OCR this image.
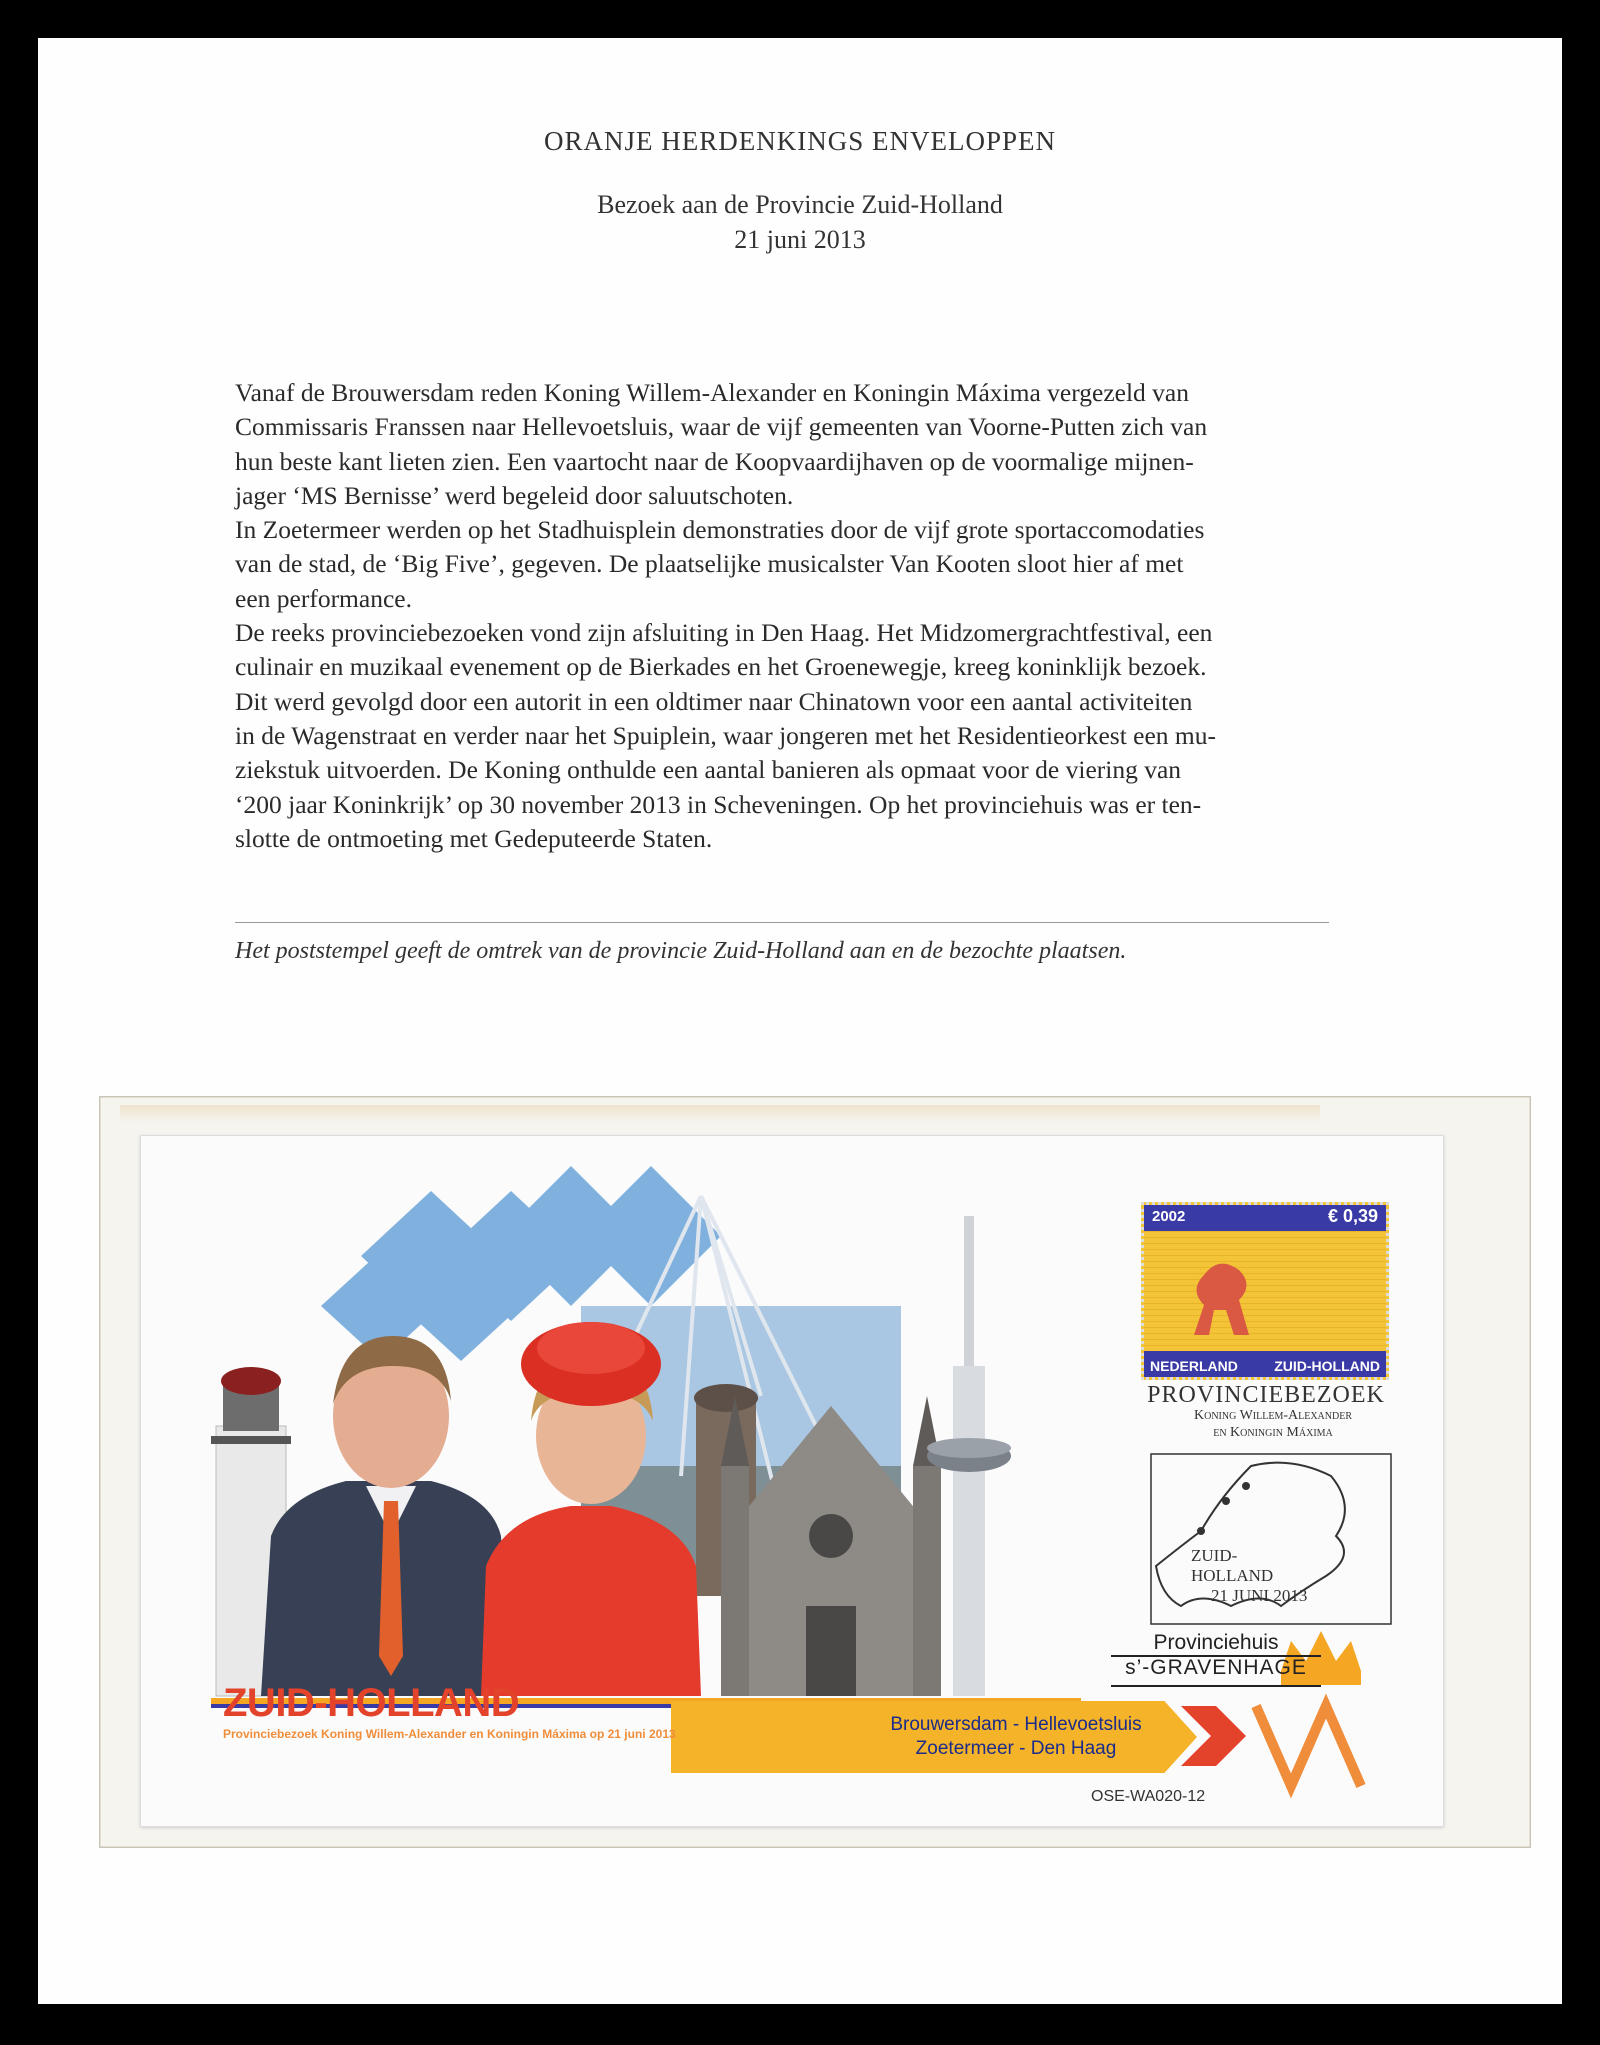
ORANJE HERDENKINGS ENVELOPPEN
Bezoek aan de Provincie Zuid-Holland
21 juni 2013

Vanaf de Brouwersdam reden Koning Willem-Alexander en Koningin Máxima vergezeld van

Commissaris Franssen naar Hellevoetsluis, waar de vijf gemeenten van Voorne-Putten zich van

hun beste kant lieten zien. Een vaartocht naar de Koopvaardijhaven op de voormalige mijnen-

jager ‘MS Bernisse’ werd begeleid door saluutschoten.

In Zoetermeer werden op het Stadhuisplein demonstraties door de vijf grote sportaccomodaties

van de stad, de ‘Big Five’, gegeven. De plaatselijke musicalster Van Kooten sloot hier af met

een performance.

De reeks provinciebezoeken vond zijn afsluiting in Den Haag. Het Midzomergrachtfestival, een

culinair en muzikaal evenement op de Bierkades en het Groenewegje, kreeg koninklijk bezoek.

Dit werd gevolgd door een autorit in een oldtimer naar Chinatown voor een aantal activiteiten

in de Wagenstraat en verder naar het Spuiplein, waar jongeren met het Residentieorkest een mu-

ziekstuk uitvoerden. De Koning onthulde een aantal banieren als opmaat voor de viering van

‘200 jaar Koninkrijk’ op 30 november 2013 in Scheveningen. Op het provinciehuis was er ten-

slotte de ontmoeting met Gedeputeerde Staten.

Het poststempel geeft de omtrek van de provincie Zuid-Holland aan en de bezochte plaatsen.
2002	€ 0,39
NEDERLAND	ZUID-HOLLAND
PROVINCIEBEZOEK
Koning Willem-Alexander
en Koningin Máxima
ZUID-
HOLLAND
21 JUNI 2013
Provinciehuis
s’-GRAVENHAGE
ZUID-HOLLAND
Provinciebezoek Koning Willem-Alexander en Koningin Máxima op 21 juni 2013	Brouwersdam - Hellevoetsluis
Zoetermeer - Den Haag
OSE-WA020-12
